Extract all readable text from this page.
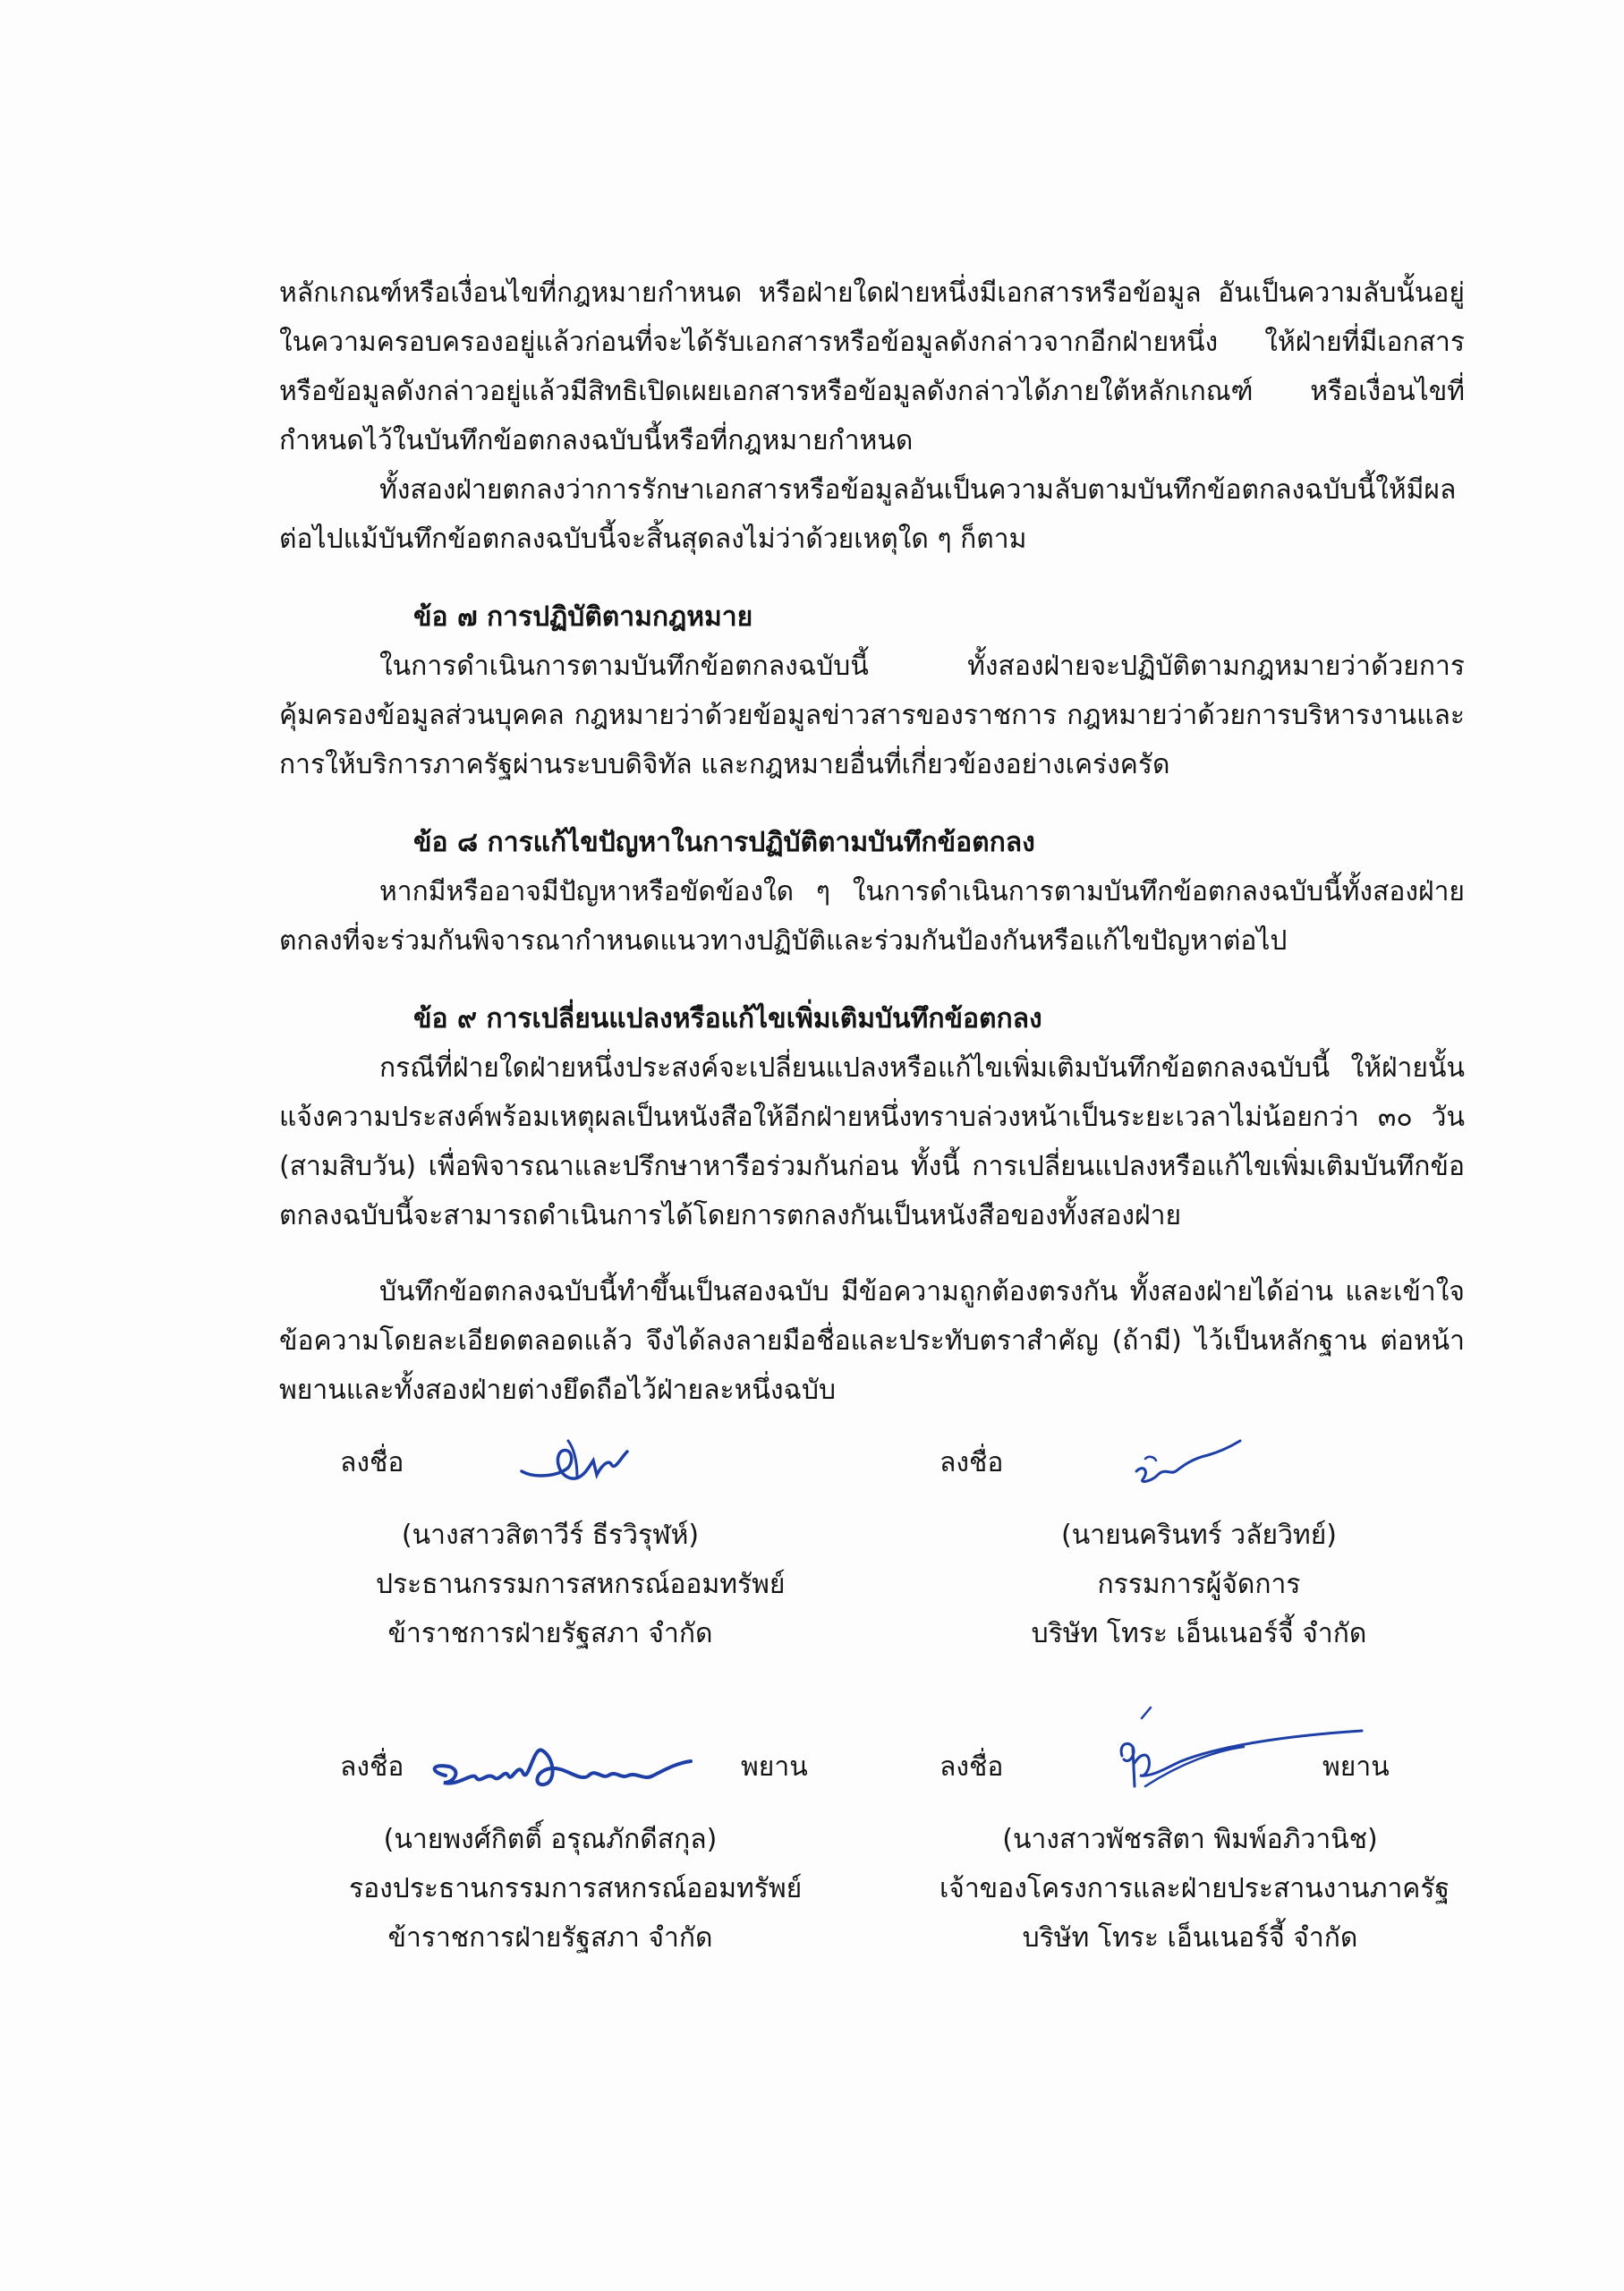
หลักเกณฑ์หรือเงื่อนไขที่กฎหมายกำหนด หรือฝ่ายใดฝ่ายหนึ่งมีเอกสารหรือข้อมูล อันเป็นความลับนั้นอยู่ในความครอบครองอยู่แล้วก่อนที่จะได้รับเอกสารหรือข้อมูลดังกล่าวจากอีกฝ่ายหนึ่ง ให้ฝ่ายที่มีเอกสารหรือข้อมูลดังกล่าวอยู่แล้วมีสิทธิเปิดเผยเอกสารหรือข้อมูลดังกล่าวได้ภายใต้หลักเกณฑ์ หรือเงื่อนไขที่กำหนดไว้ในบันทึกข้อตกลงฉบับนี้หรือที่กฎหมายกำหนด

ทั้งสองฝ่ายตกลงว่าการรักษาเอกสารหรือข้อมูลอันเป็นความลับตามบันทึกข้อตกลงฉบับนี้ให้มีผลต่อไปแม้บันทึกข้อตกลงฉบับนี้จะสิ้นสุดลงไม่ว่าด้วยเหตุใด ๆ ก็ตาม

ข้อ ๗ การปฏิบัติตามกฎหมาย

ในการดำเนินการตามบันทึกข้อตกลงฉบับนี้ ทั้งสองฝ่ายจะปฏิบัติตามกฎหมายว่าด้วยการคุ้มครองข้อมูลส่วนบุคคล กฎหมายว่าด้วยข้อมูลข่าวสารของราชการ กฎหมายว่าด้วยการบริหารงานและการให้บริการภาครัฐผ่านระบบดิจิทัล และกฎหมายอื่นที่เกี่ยวข้องอย่างเคร่งครัด

ข้อ ๘ การแก้ไขปัญหาในการปฏิบัติตามบันทึกข้อตกลง

หากมีหรืออาจมีปัญหาหรือขัดข้องใด ๆ ในการดำเนินการตามบันทึกข้อตกลงฉบับนี้ทั้งสองฝ่ายตกลงที่จะร่วมกันพิจารณากำหนดแนวทางปฏิบัติและร่วมกันป้องกันหรือแก้ไขปัญหาต่อไป

ข้อ ๙ การเปลี่ยนแปลงหรือแก้ไขเพิ่มเติมบันทึกข้อตกลง

กรณีที่ฝ่ายใดฝ่ายหนึ่งประสงค์จะเปลี่ยนแปลงหรือแก้ไขเพิ่มเติมบันทึกข้อตกลงฉบับนี้ ให้ฝ่ายนั้นแจ้งความประสงค์พร้อมเหตุผลเป็นหนังสือให้อีกฝ่ายหนึ่งทราบล่วงหน้าเป็นระยะเวลาไม่น้อยกว่า ๓๐ วัน (สามสิบวัน) เพื่อพิจารณาและปรึกษาหารือร่วมกันก่อน ทั้งนี้ การเปลี่ยนแปลงหรือแก้ไขเพิ่มเติมบันทึกข้อตกลงฉบับนี้จะสามารถดำเนินการได้โดยการตกลงกันเป็นหนังสือของทั้งสองฝ่าย

บันทึกข้อตกลงฉบับนี้ทำขึ้นเป็นสองฉบับ มีข้อความถูกต้องตรงกัน ทั้งสองฝ่ายได้อ่าน และเข้าใจข้อความโดยละเอียดตลอดแล้ว จึงได้ลงลายมือชื่อและประทับตราสำคัญ (ถ้ามี) ไว้เป็นหลักฐาน ต่อหน้าพยานและทั้งสองฝ่ายต่างยึดถือไว้ฝ่ายละหนึ่งฉบับ

ลงชื่อ
(นางสาวสิตาวีร์ ธีรวิรุฬห์)
ประธานกรรมการสหกรณ์ออมทรัพย์
ข้าราชการฝ่ายรัฐสภา จำกัด
ลงชื่อ
(นายนครินทร์ วลัยวิทย์)
กรรมการผู้จัดการ
บริษัท โทระ เอ็นเนอร์จี้ จำกัด
ลงชื่อ	พยาน
(นายพงศ์กิตติ์ อรุณภักดีสกุล)
รองประธานกรรมการสหกรณ์ออมทรัพย์
ข้าราชการฝ่ายรัฐสภา จำกัด
ลงชื่อ	พยาน
(นางสาวพัชรสิตา พิมพ์อภิวานิช)
เจ้าของโครงการและฝ่ายประสานงานภาครัฐ
บริษัท โทระ เอ็นเนอร์จี้ จำกัด
